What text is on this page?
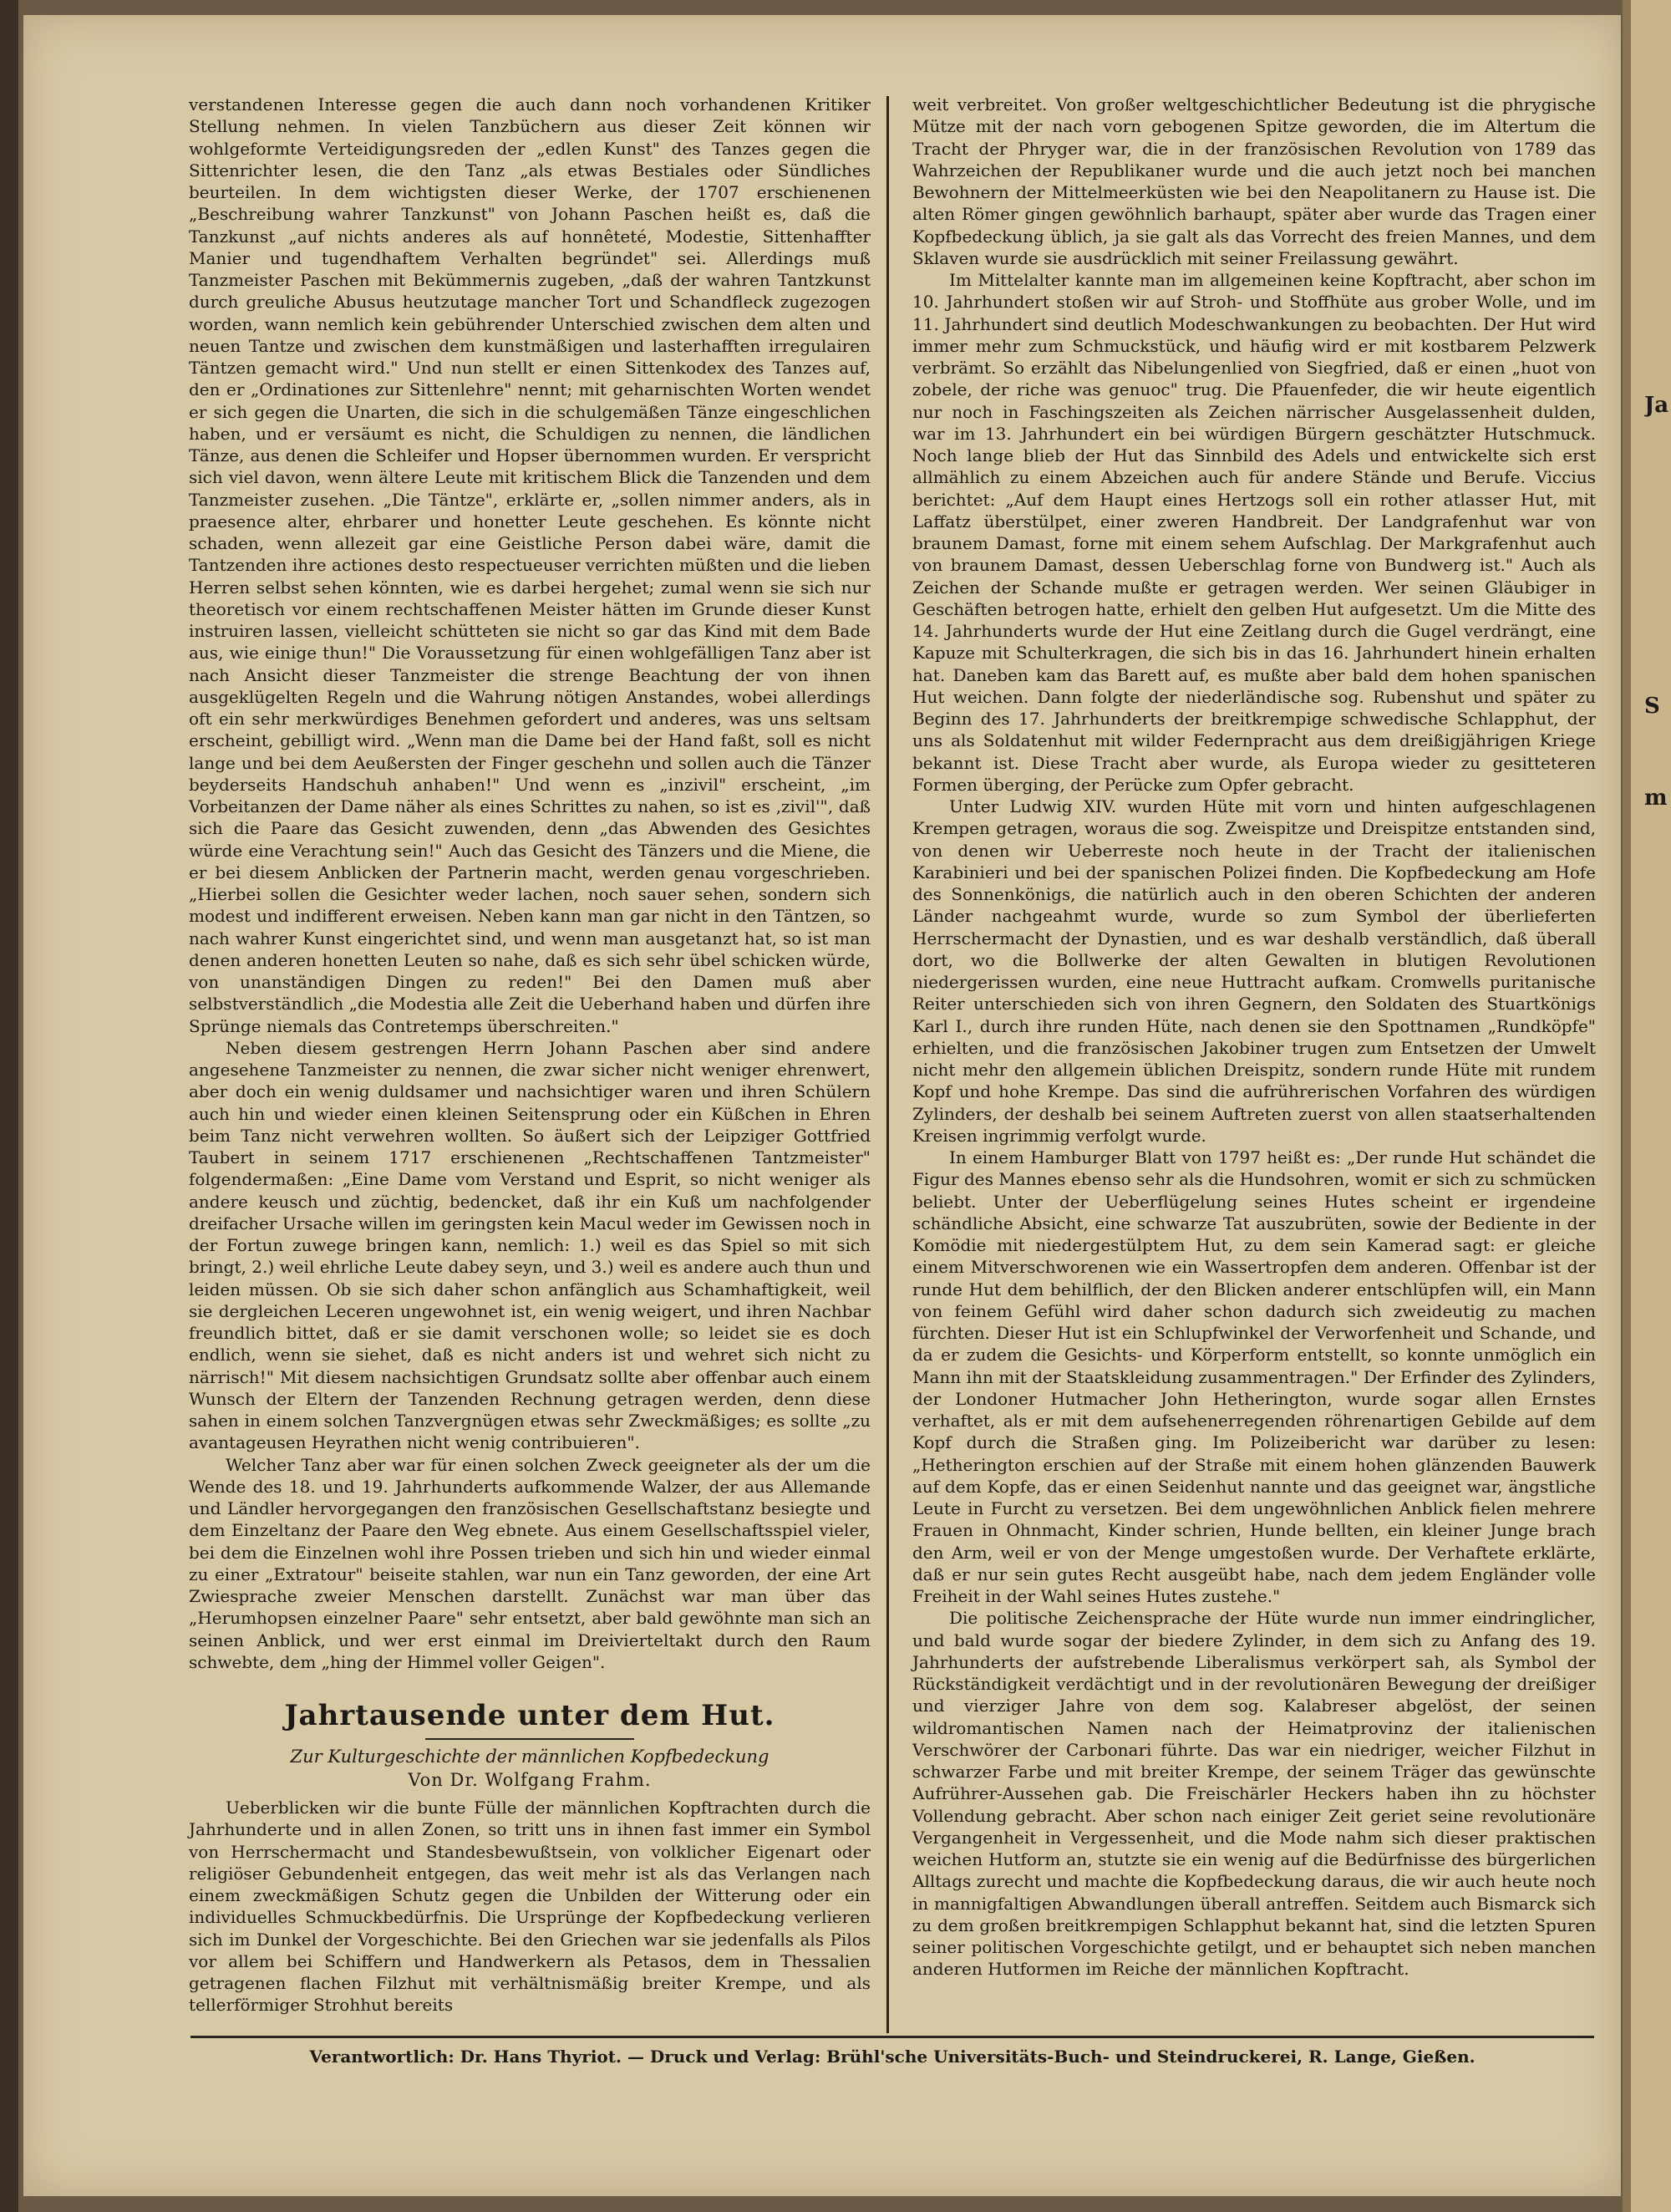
Ja
S
m

verstandenen Interesse gegen die auch dann noch vorhandenen Kritiker Stellung nehmen. In vielen Tanzbüchern aus dieser Zeit können wir wohlgeformte Verteidigungsreden der „edlen Kunst" des Tanzes gegen die Sittenrichter lesen, die den Tanz „als etwas Bestiales oder Sündliches beurteilen. In dem wichtigsten dieser Werke, der 1707 erschienenen „Beschreibung wahrer Tanzkunst" von Johann Paschen heißt es, daß die Tanzkunst „auf nichts anderes als auf honnêteté, Modestie, Sittenhaffter Manier und tugendhaftem Verhalten begründet" sei. Allerdings muß Tanzmeister Paschen mit Bekümmernis zugeben, „daß der wahren Tantzkunst durch greuliche Abusus heutzutage mancher Tort und Schandfleck zugezogen worden, wann nemlich kein gebührender Unterschied zwischen dem alten und neuen Tantze und zwischen dem kunstmäßigen und lasterhafften irregulairen Täntzen gemacht wird." Und nun stellt er einen Sittenkodex des Tanzes auf, den er „Ordinationes zur Sittenlehre" nennt; mit geharnischten Worten wendet er sich gegen die Unarten, die sich in die schulgemäßen Tänze eingeschlichen haben, und er versäumt es nicht, die Schuldigen zu nennen, die ländlichen Tänze, aus denen die Schleifer und Hopser übernommen wurden. Er verspricht sich viel davon, wenn ältere Leute mit kritischem Blick die Tanzenden und dem Tanzmeister zusehen. „Die Täntze", erklärte er, „sollen nimmer anders, als in praesence alter, ehrbarer und honetter Leute geschehen. Es könnte nicht schaden, wenn allezeit gar eine Geistliche Person dabei wäre, damit die Tantzenden ihre actiones desto respectueuser verrichten müßten und die lieben Herren selbst sehen könnten, wie es darbei hergehet; zumal wenn sie sich nur theoretisch vor einem rechtschaffenen Meister hätten im Grunde dieser Kunst instruiren lassen, vielleicht schütteten sie nicht so gar das Kind mit dem Bade aus, wie einige thun!" Die Voraussetzung für einen wohlgefälligen Tanz aber ist nach Ansicht dieser Tanzmeister die strenge Beachtung der von ihnen ausgeklügelten Regeln und die Wahrung nötigen Anstandes, wobei allerdings oft ein sehr merkwürdiges Benehmen gefordert und anderes, was uns seltsam erscheint, gebilligt wird. „Wenn man die Dame bei der Hand faßt, soll es nicht lange und bei dem Aeußersten der Finger geschehn und sollen auch die Tänzer beyderseits Handschuh anhaben!" Und wenn es „inzivil" erscheint, „im Vorbeitanzen der Dame näher als eines Schrittes zu nahen, so ist es ‚zivil'", daß sich die Paare das Gesicht zuwenden, denn „das Abwenden des Gesichtes würde eine Verachtung sein!" Auch das Gesicht des Tänzers und die Miene, die er bei diesem Anblicken der Partnerin macht, werden genau vorgeschrieben. „Hierbei sollen die Gesichter weder lachen, noch sauer sehen, sondern sich modest und indifferent erweisen. Neben kann man gar nicht in den Täntzen, so nach wahrer Kunst eingerichtet sind, und wenn man ausgetanzt hat, so ist man denen anderen honetten Leuten so nahe, daß es sich sehr übel schicken würde, von unanständigen Dingen zu reden!" Bei den Damen muß aber selbstverständlich „die Modestia alle Zeit die Ueberhand haben und dürfen ihre Sprünge niemals das Contretemps überschreiten."

Neben diesem gestrengen Herrn Johann Paschen aber sind andere angesehene Tanzmeister zu nennen, die zwar sicher nicht weniger ehrenwert, aber doch ein wenig duldsamer und nachsichtiger waren und ihren Schülern auch hin und wieder einen kleinen Seitensprung oder ein Küßchen in Ehren beim Tanz nicht verwehren wollten. So äußert sich der Leipziger Gottfried Taubert in seinem 1717 erschienenen „Rechtschaffenen Tantzmeister" folgendermaßen: „Eine Dame vom Verstand und Esprit, so nicht weniger als andere keusch und züchtig, bedencket, daß ihr ein Kuß um nachfolgender dreifacher Ursache willen im geringsten kein Macul weder im Gewissen noch in der Fortun zuwege bringen kann, nemlich: 1.) weil es das Spiel so mit sich bringt, 2.) weil ehrliche Leute dabey seyn, und 3.) weil es andere auch thun und leiden müssen. Ob sie sich daher schon anfänglich aus Schamhaftigkeit, weil sie dergleichen Leceren ungewohnet ist, ein wenig weigert, und ihren Nachbar freundlich bittet, daß er sie damit verschonen wolle; so leidet sie es doch endlich, wenn sie siehet, daß es nicht anders ist und wehret sich nicht zu närrisch!" Mit diesem nachsichtigen Grundsatz sollte aber offenbar auch einem Wunsch der Eltern der Tanzenden Rechnung getragen werden, denn diese sahen in einem solchen Tanzvergnügen etwas sehr Zweckmäßiges; es sollte „zu avantageusen Heyrathen nicht wenig contribuieren".

Welcher Tanz aber war für einen solchen Zweck geeigneter als der um die Wende des 18. und 19. Jahrhunderts aufkommende Walzer, der aus Allemande und Ländler hervorgegangen den französischen Gesellschaftstanz besiegte und dem Einzeltanz der Paare den Weg ebnete. Aus einem Gesellschaftsspiel vieler, bei dem die Einzelnen wohl ihre Possen trieben und sich hin und wieder einmal zu einer „Extratour" beiseite stahlen, war nun ein Tanz geworden, der eine Art Zwiesprache zweier Menschen darstellt. Zunächst war man über das „Herumhopsen einzelner Paare" sehr entsetzt, aber bald gewöhnte man sich an seinen Anblick, und wer erst einmal im Dreivierteltakt durch den Raum schwebte, dem „hing der Himmel voller Geigen".

Jahrtausende unter dem Hut.
Zur Kulturgeschichte der männlichen Kopfbedeckung
Von Dr. Wolfgang Frahm.

Ueberblicken wir die bunte Fülle der männlichen Kopftrachten durch die Jahrhunderte und in allen Zonen, so tritt uns in ihnen fast immer ein Symbol von Herrschermacht und Standesbewußtsein, von volklicher Eigenart oder religiöser Gebundenheit entgegen, das weit mehr ist als das Verlangen nach einem zweckmäßigen Schutz gegen die Unbilden der Witterung oder ein individuelles Schmuckbedürfnis. Die Ursprünge der Kopfbedeckung verlieren sich im Dunkel der Vorgeschichte. Bei den Griechen war sie jedenfalls als Pilos vor allem bei Schiffern und Handwerkern als Petasos, dem in Thessalien getragenen flachen Filzhut mit verhältnismäßig breiter Krempe, und als tellerförmiger Strohhut bereits

weit verbreitet. Von großer weltgeschichtlicher Bedeutung ist die phrygische Mütze mit der nach vorn gebogenen Spitze geworden, die im Altertum die Tracht der Phryger war, die in der französischen Revolution von 1789 das Wahrzeichen der Republikaner wurde und die auch jetzt noch bei manchen Bewohnern der Mittelmeerküsten wie bei den Neapolitanern zu Hause ist. Die alten Römer gingen gewöhnlich barhaupt, später aber wurde das Tragen einer Kopfbedeckung üblich, ja sie galt als das Vorrecht des freien Mannes, und dem Sklaven wurde sie ausdrücklich mit seiner Freilassung gewährt.

Im Mittelalter kannte man im allgemeinen keine Kopftracht, aber schon im 10. Jahrhundert stoßen wir auf Stroh- und Stoffhüte aus grober Wolle, und im 11. Jahrhundert sind deutlich Modeschwankungen zu beobachten. Der Hut wird immer mehr zum Schmuckstück, und häufig wird er mit kostbarem Pelzwerk verbrämt. So erzählt das Nibelungenlied von Siegfried, daß er einen „huot von zobele, der riche was genuoc" trug. Die Pfauenfeder, die wir heute eigentlich nur noch in Faschingszeiten als Zeichen närrischer Ausgelassenheit dulden, war im 13. Jahrhundert ein bei würdigen Bürgern geschätzter Hutschmuck. Noch lange blieb der Hut das Sinnbild des Adels und entwickelte sich erst allmählich zu einem Abzeichen auch für andere Stände und Berufe. Viccius berichtet: „Auf dem Haupt eines Hertzogs soll ein rother atlasser Hut, mit Laffatz überstülpet, einer zweren Handbreit. Der Landgrafenhut war von braunem Damast, forne mit einem sehem Aufschlag. Der Markgrafenhut auch von braunem Damast, dessen Ueberschlag forne von Bundwerg ist." Auch als Zeichen der Schande mußte er getragen werden. Wer seinen Gläubiger in Geschäften betrogen hatte, erhielt den gelben Hut aufgesetzt. Um die Mitte des 14. Jahrhunderts wurde der Hut eine Zeitlang durch die Gugel verdrängt, eine Kapuze mit Schulterkragen, die sich bis in das 16. Jahrhundert hinein erhalten hat. Daneben kam das Barett auf, es mußte aber bald dem hohen spanischen Hut weichen. Dann folgte der niederländische sog. Rubenshut und später zu Beginn des 17. Jahrhunderts der breitkrempige schwedische Schlapphut, der uns als Soldatenhut mit wilder Federnpracht aus dem dreißigjährigen Kriege bekannt ist. Diese Tracht aber wurde, als Europa wieder zu gesitteteren Formen überging, der Perücke zum Opfer gebracht.

Unter Ludwig XIV. wurden Hüte mit vorn und hinten aufgeschlagenen Krempen getragen, woraus die sog. Zweispitze und Dreispitze entstanden sind, von denen wir Ueberreste noch heute in der Tracht der italienischen Karabinieri und bei der spanischen Polizei finden. Die Kopfbedeckung am Hofe des Sonnenkönigs, die natürlich auch in den oberen Schichten der anderen Länder nachgeahmt wurde, wurde so zum Symbol der überlieferten Herrschermacht der Dynastien, und es war deshalb verständlich, daß überall dort, wo die Bollwerke der alten Gewalten in blutigen Revolutionen niedergerissen wurden, eine neue Huttracht aufkam. Cromwells puritanische Reiter unterschieden sich von ihren Gegnern, den Soldaten des Stuartkönigs Karl I., durch ihre runden Hüte, nach denen sie den Spottnamen „Rundköpfe" erhielten, und die französischen Jakobiner trugen zum Entsetzen der Umwelt nicht mehr den allgemein üblichen Dreispitz, sondern runde Hüte mit rundem Kopf und hohe Krempe. Das sind die aufrührerischen Vorfahren des würdigen Zylinders, der deshalb bei seinem Auftreten zuerst von allen staatserhaltenden Kreisen ingrimmig verfolgt wurde.

In einem Hamburger Blatt von 1797 heißt es: „Der runde Hut schändet die Figur des Mannes ebenso sehr als die Hundsohren, womit er sich zu schmücken beliebt. Unter der Ueberflügelung seines Hutes scheint er irgendeine schändliche Absicht, eine schwarze Tat auszubrüten, sowie der Bediente in der Komödie mit niedergestülptem Hut, zu dem sein Kamerad sagt: er gleiche einem Mitverschworenen wie ein Wassertropfen dem anderen. Offenbar ist der runde Hut dem behilflich, der den Blicken anderer entschlüpfen will, ein Mann von feinem Gefühl wird daher schon dadurch sich zweideutig zu machen fürchten. Dieser Hut ist ein Schlupfwinkel der Verworfenheit und Schande, und da er zudem die Gesichts- und Körperform entstellt, so konnte unmöglich ein Mann ihn mit der Staatskleidung zusammentragen." Der Erfinder des Zylinders, der Londoner Hutmacher John Hetherington, wurde sogar allen Ernstes verhaftet, als er mit dem aufsehenerregenden röhrenartigen Gebilde auf dem Kopf durch die Straßen ging. Im Polizeibericht war darüber zu lesen: „Hetherington erschien auf der Straße mit einem hohen glänzenden Bauwerk auf dem Kopfe, das er einen Seidenhut nannte und das geeignet war, ängstliche Leute in Furcht zu versetzen. Bei dem ungewöhnlichen Anblick fielen mehrere Frauen in Ohnmacht, Kinder schrien, Hunde bellten, ein kleiner Junge brach den Arm, weil er von der Menge umgestoßen wurde. Der Verhaftete erklärte, daß er nur sein gutes Recht ausgeübt habe, nach dem jedem Engländer volle Freiheit in der Wahl seines Hutes zustehe."

Die politische Zeichensprache der Hüte wurde nun immer eindringlicher, und bald wurde sogar der biedere Zylinder, in dem sich zu Anfang des 19. Jahrhunderts der aufstrebende Liberalismus verkörpert sah, als Symbol der Rückständigkeit verdächtigt und in der revolutionären Bewegung der dreißiger und vierziger Jahre von dem sog. Kalabreser abgelöst, der seinen wildromantischen Namen nach der Heimatprovinz der italienischen Verschwörer der Carbonari führte. Das war ein niedriger, weicher Filzhut in schwarzer Farbe und mit breiter Krempe, der seinem Träger das gewünschte Aufrührer-Aussehen gab. Die Freischärler Heckers haben ihn zu höchster Vollendung gebracht. Aber schon nach einiger Zeit geriet seine revolutionäre Vergangenheit in Vergessenheit, und die Mode nahm sich dieser praktischen weichen Hutform an, stutzte sie ein wenig auf die Bedürfnisse des bürgerlichen Alltags zurecht und machte die Kopfbedeckung daraus, die wir auch heute noch in mannigfaltigen Abwandlungen überall antreffen. Seitdem auch Bismarck sich zu dem großen breitkrempigen Schlapphut bekannt hat, sind die letzten Spuren seiner politischen Vorgeschichte getilgt, und er behauptet sich neben manchen anderen Hutformen im Reiche der männlichen Kopftracht.

Verantwortlich: Dr. Hans Thyriot. — Druck und Verlag: Brühl'sche Universitäts-Buch- und Steindruckerei, R. Lange, Gießen.
